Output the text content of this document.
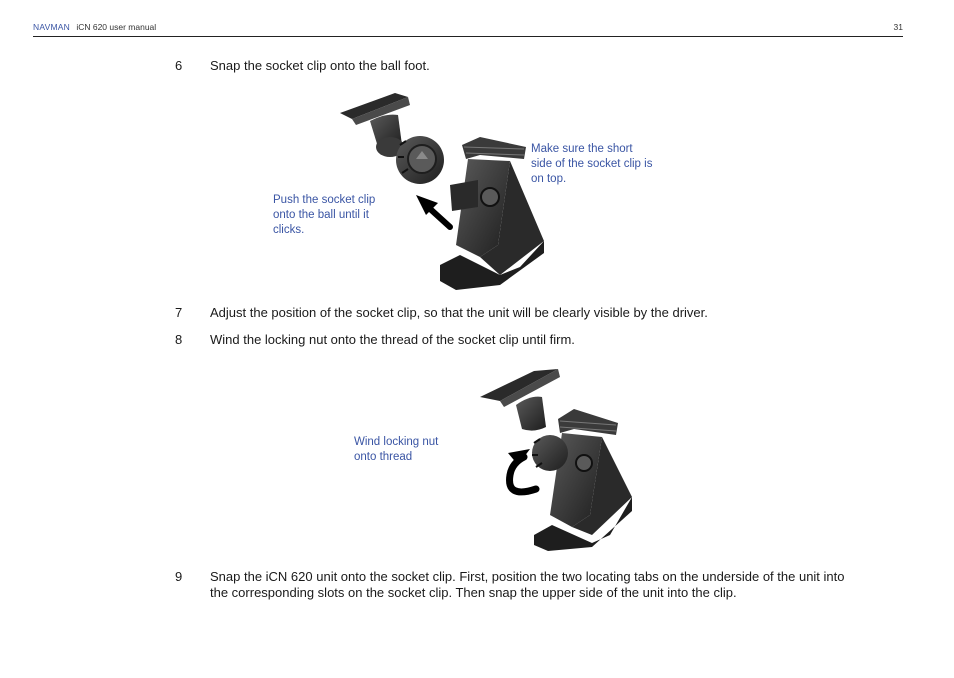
NAVMAN iCN 620 user manual	31
6	Snap the socket clip onto the ball foot.
Push the socket clip
onto the ball until it
clicks.
Make sure the short
side of the socket clip is
on top.
7	Adjust the position of the socket clip, so that the unit will be clearly visible by the driver.
8	Wind the locking nut onto the thread of the socket clip until firm.
Wind locking nut
onto thread
9	Snap the iCN 620 unit onto the socket clip. First, position the two locating tabs on the underside of the unit into
the corresponding slots on the socket clip. Then snap the upper side of the unit into the clip.
